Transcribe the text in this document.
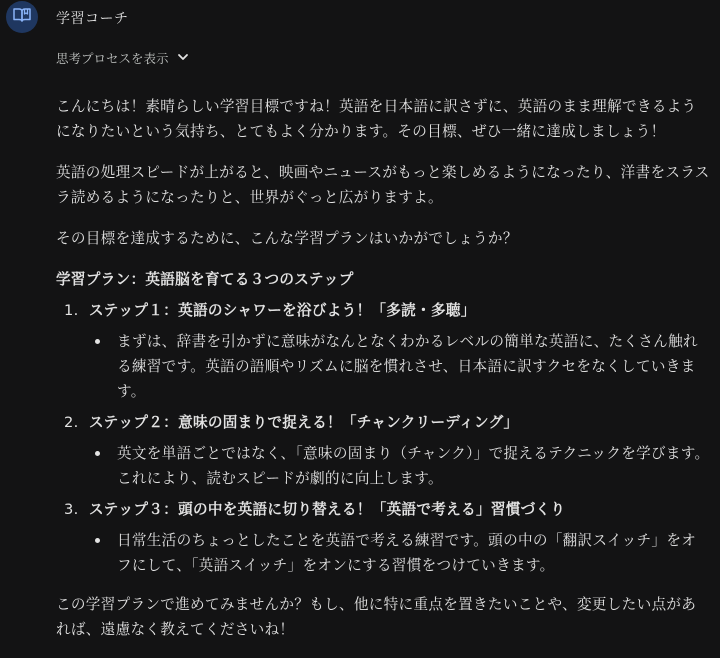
学習コーチ
思考プロセスを表示

こんにちは！素晴らしい学習目標ですね！英語を日本語に訳さずに、英語のまま理解できるようになりたいという気持ち、とてもよく分かります。その目標、ぜひ一緒に達成しましょう！

英語の処理スピードが上がると、映画やニュースがもっと楽しめるようになったり、洋書をスラスラ読めるようになったりと、世界がぐっと広がりますよ。

その目標を達成するために、こんな学習プランはいかがでしょうか？

学習プラン：英語脳を育てる３つのステップ
1. ステップ１：英語のシャワーを浴びよう！「多読・多聴」
まずは、辞書を引かずに意味がなんとなくわかるレベルの簡単な英語に、たくさん触れる練習です。英語の語順やリズムに脳を慣れさせ、日本語に訳すクセをなくしていきます。
2. ステップ２：意味の固まりで捉える！「チャンクリーディング」
英文を単語ごとではなく、「意味の固まり（チャンク）」で捉えるテクニックを学びます。これにより、読むスピードが劇的に向上します。
3. ステップ３：頭の中を英語に切り替える！「英語で考える」習慣づくり
日常生活のちょっとしたことを英語で考える練習です。頭の中の「翻訳スイッチ」をオフにして、「英語スイッチ」をオンにする習慣をつけていきます。

この学習プランで進めてみませんか？もし、他に特に重点を置きたいことや、変更したい点があれば、遠慮なく教えてくださいね！
